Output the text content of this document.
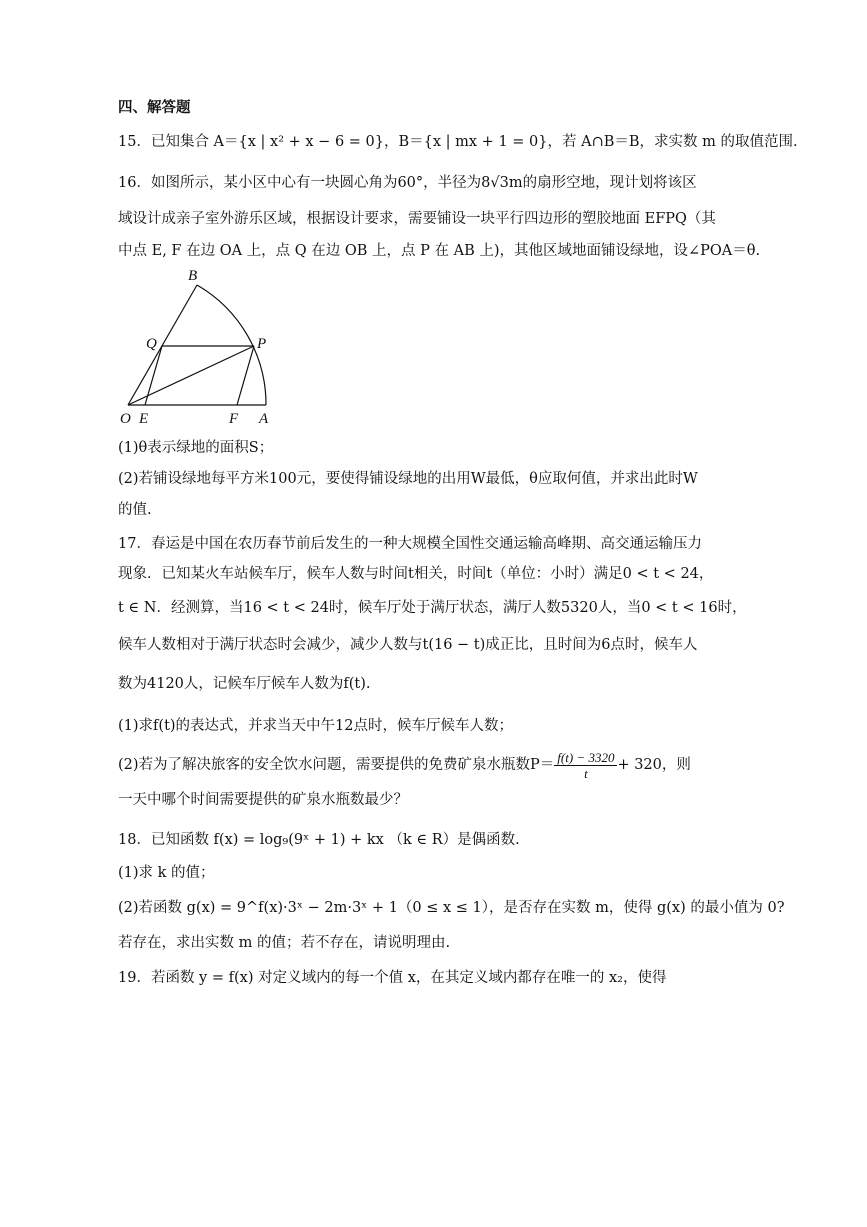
四、解答题
15．已知集合 A＝{x | x² + x − 6 = 0}，B＝{x | mx + 1 = 0}，若 A∩B＝B，求实数 m 的取值范围.
16．如图所示，某小区中心有一块圆心角为60°，半径为8√3m的扇形空地，现计划将该区
域设计成亲子室外游乐区域，根据设计要求，需要铺设一块平行四边形的塑胶地面 EFPQ（其
中点 E, F 在边 OA 上，点 Q 在边 OB 上，点 P 在 AB 上)，其他区域地面铺设绿地，设∠POA＝θ.
B
Q	P
O E	F A
(1)θ表示绿地的面积S；
(2)若铺设绿地每平方米100元，要使得铺设绿地的出用W最低，θ应取何值，并求出此时W
的值.
17．春运是中国在农历春节前后发生的一种大规模全国性交通运输高峰期、高交通运输压力
现象．已知某火车站候车厅，候车人数与时间t相关，时间t（单位：小时）满足0 < t < 24，
t ∈ N．经测算，当16 < t < 24时，候车厅处于满厅状态，满厅人数5320人，当0 < t < 16时，
候车人数相对于满厅状态时会减少，减少人数与t(16 − t)成正比，且时间为6点时，候车人
数为4120人，记候车厅候车人数为f(t).
(1)求f(t)的表达式，并求当天中午12点时，候车厅候车人数；
(2)若为了解决旅客的安全饮水问题，需要提供的免费矿泉水瓶数$P= \frac{f(t) - 3320}{t} + 320$，则
一天中哪个时间需要提供的矿泉水瓶数最少？
18．已知函数 f(x) = log₉(9ˣ + 1) + kx （k ∈ R）是偶函数.
(1)求 k 的值；
(2)若函数 g(x) = 9^f(x)·3ˣ − 2m·3ˣ + 1（0 ≤ x ≤ 1），是否存在实数 m，使得 g(x) 的最小值为 0?
若存在，求出实数 m 的值；若不存在，请说明理由.
19．若函数 y = f(x) 对定义域内的每一个值 x，在其定义域内都存在唯一的 x₂，使得
